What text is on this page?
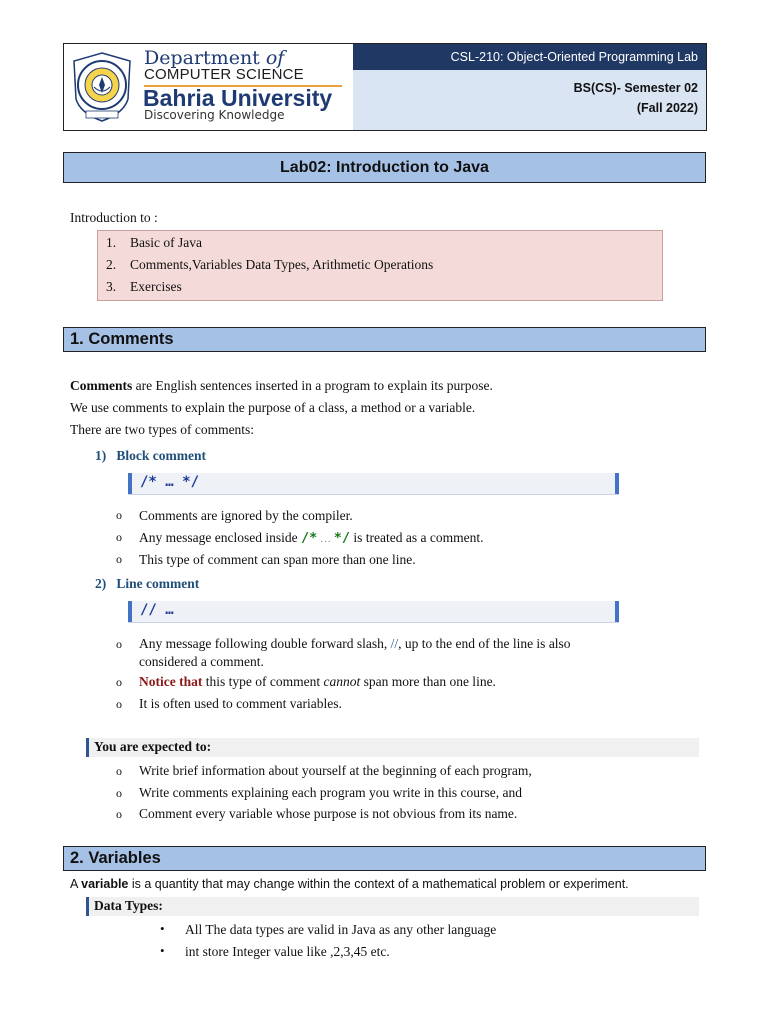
Department of
COMPUTER SCIENCE
Bahria University
Discovering Knowledge
CSL-210: Object-Oriented Programming Lab
BS(CS)- Semester 02
(Fall 2022)
Lab02: Introduction to Java
Introduction to :
1. Basic of Java
2. Comments,Variables Data Types, Arithmetic Operations
3. Exercises
1. Comments
Comments are English sentences inserted in a program to explain its purpose.
We use comments to explain the purpose of a class, a method or a variable.
There are two types of comments:
1)   Block comment
/* … */
o Comments are ignored by the compiler.
o Any message enclosed inside /* … */ is treated as a comment.
o This type of comment can span more than one line.
2)   Line comment
// …
o Any message following double forward slash, //, up to the end of the line is also
considered a comment.
o Notice that this type of comment cannot span more than one line.
o It is often used to comment variables.
You are expected to:
o Write brief information about yourself at the beginning of each program,
o Write comments explaining each program you write in this course, and
o Comment every variable whose purpose is not obvious from its name.
2. Variables
A variable is a quantity that may change within the context of a mathematical problem or experiment.
Data Types:
• All The data types are valid in Java as any other language
• int store Integer value like ,2,3,45 etc.
